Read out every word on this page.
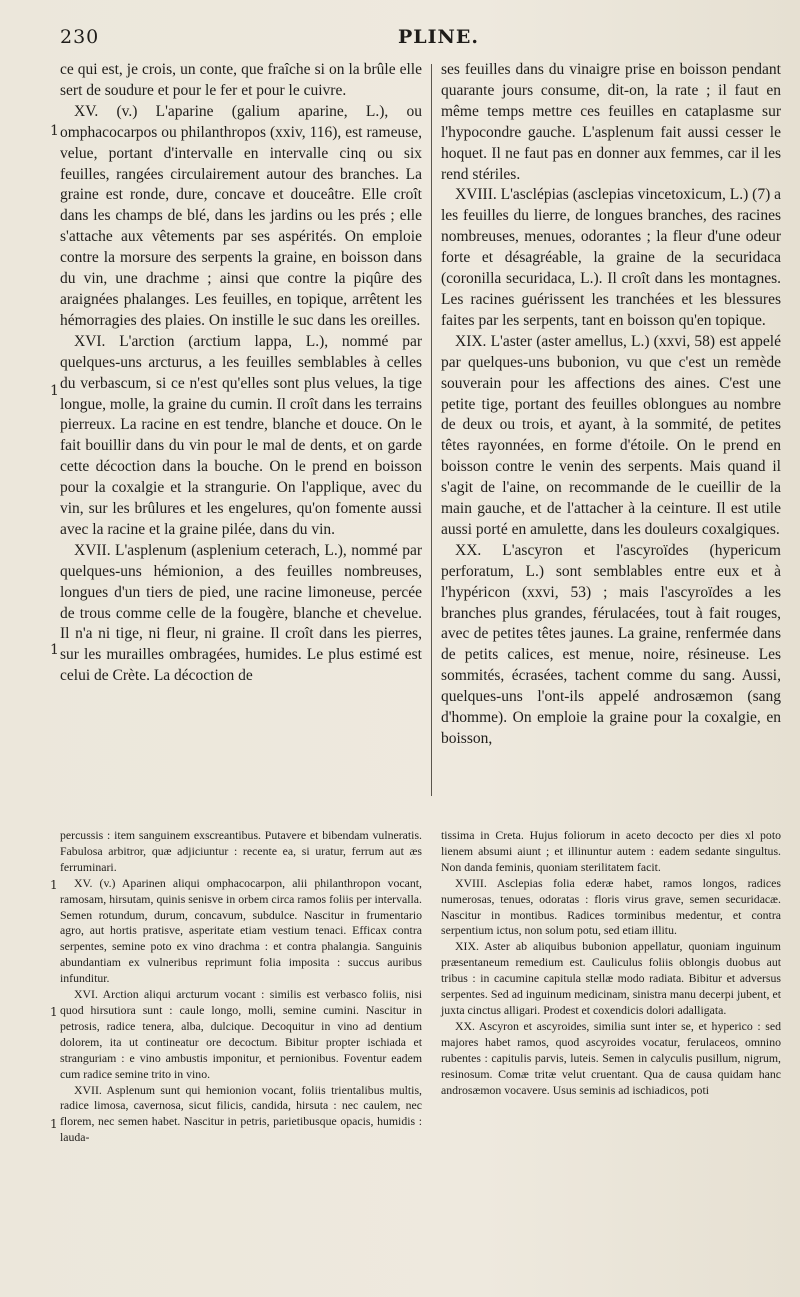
230	PLINE.

ce qui est, je crois, un conte, que fraîche si on la brûle elle sert de soudure et pour le fer et pour le cuivre.

XV. (v.) L'aparine (galium aparine, L.), ou omphacocarpos ou philanthropos (xxiv, 116), est rameuse, velue, portant d'intervalle en intervalle cinq ou six feuilles, rangées circulairement autour des branches. La graine est ronde, dure, concave et douceâtre. Elle croît dans les champs de blé, dans les jardins ou les prés ; elle s'attache aux vêtements par ses aspérités. On emploie contre la morsure des serpents la graine, en boisson dans du vin, une drachme ; ainsi que contre la piqûre des araignées phalanges. Les feuilles, en topique, arrêtent les hémorragies des plaies. On instille le suc dans les oreilles.

XVI. L'arction (arctium lappa, L.), nommé par quelques-uns arcturus, a les feuilles semblables à celles du verbascum, si ce n'est qu'elles sont plus velues, la tige longue, molle, la graine du cumin. Il croît dans les terrains pierreux. La racine en est tendre, blanche et douce. On le fait bouillir dans du vin pour le mal de dents, et on garde cette décoction dans la bouche. On le prend en boisson pour la coxalgie et la strangurie. On l'applique, avec du vin, sur les brûlures et les engelures, qu'on fomente aussi avec la racine et la graine pilée, dans du vin.

XVII. L'asplenum (asplenium ceterach, L.), nommé par quelques-uns hémionion, a des feuilles nombreuses, longues d'un tiers de pied, une racine limoneuse, percée de trous comme celle de la fougère, blanche et chevelue. Il n'a ni tige, ni fleur, ni graine. Il croît dans les pierres, sur les murailles ombragées, humides. Le plus estimé est celui de Crète. La décoction de

ses feuilles dans du vinaigre prise en boisson pendant quarante jours consume, dit-on, la rate ; il faut en même temps mettre ces feuilles en cataplasme sur l'hypocondre gauche. L'asplenum fait aussi cesser le hoquet. Il ne faut pas en donner aux femmes, car il les rend stériles.

XVIII. L'asclépias (asclepias vincetoxicum, L.) (7) a les feuilles du lierre, de longues branches, des racines nombreuses, menues, odorantes ; la fleur d'une odeur forte et désagréable, la graine de la securidaca (coronilla securidaca, L.). Il croît dans les montagnes. Les racines guérissent les tranchées et les blessures faites par les serpents, tant en boisson qu'en topique.

XIX. L'aster (aster amellus, L.) (xxvi, 58) est appelé par quelques-uns bubonion, vu que c'est un remède souverain pour les affections des aines. C'est une petite tige, portant des feuilles oblongues au nombre de deux ou trois, et ayant, à la sommité, de petites têtes rayonnées, en forme d'étoile. On le prend en boisson contre le venin des serpents. Mais quand il s'agit de l'aine, on recommande de le cueillir de la main gauche, et de l'attacher à la ceinture. Il est utile aussi porté en amulette, dans les douleurs coxalgiques.

XX. L'ascyron et l'ascyroïdes (hypericum perforatum, L.) sont semblables entre eux et à l'hypéricon (xxvi, 53) ; mais l'ascyroïdes a les branches plus grandes, férulacées, tout à fait rouges, avec de petites têtes jaunes. La graine, renfermée dans de petits calices, est menue, noire, résineuse. Les sommités, écrasées, tachent comme du sang. Aussi, quelques-uns l'ont-ils appelé androsæmon (sang d'homme). On emploie la graine pour la coxalgie, en boisson,

percussis : item sanguinem exscreantibus. Putavere et bibendam vulneratis. Fabulosa arbitror, quæ adjiciuntur : recente ea, si uratur, ferrum aut æs ferruminari.

XV. (v.) Aparinen aliqui omphacocarpon, alii philanthropon vocant, ramosam, hirsutam, quinis senisve in orbem circa ramos foliis per intervalla. Semen rotundum, durum, concavum, subdulce. Nascitur in frumentario agro, aut hortis pratisve, asperitate etiam vestium tenaci. Efficax contra serpentes, semine poto ex vino drachma : et contra phalangia. Sanguinis abundantiam ex vulneribus reprimunt folia imposita : succus auribus infunditur.

XVI. Arction aliqui arcturum vocant : similis est verbasco foliis, nisi quod hirsutiora sunt : caule longo, molli, semine cumini. Nascitur in petrosis, radice tenera, alba, dulcique. Decoquitur in vino ad dentium dolorem, ita ut contineatur ore decoctum. Bibitur propter ischiada et stranguriam : e vino ambustis imponitur, et pernionibus. Foventur eadem cum radice semine trito in vino.

XVII. Asplenum sunt qui hemionion vocant, foliis trientalibus multis, radice limosa, cavernosa, sicut filicis, candida, hirsuta : nec caulem, nec florem, nec semen habet. Nascitur in petris, parietibusque opacis, humidis : lauda-

tissima in Creta. Hujus foliorum in aceto decocto per dies xl poto lienem absumi aiunt ; et illinuntur autem : eadem sedante singultus. Non danda feminis, quoniam sterilitatem facit.

XVIII. Asclepias folia ederæ habet, ramos longos, radices numerosas, tenues, odoratas : floris virus grave, semen securidacæ. Nascitur in montibus. Radices torminibus medentur, et contra serpentium ictus, non solum potu, sed etiam illitu.

XIX. Aster ab aliquibus bubonion appellatur, quoniam inguinum præsentaneum remedium est. Cauliculus foliis oblongis duobus aut tribus : in cacumine capitula stellæ modo radiata. Bibitur et adversus serpentes. Sed ad inguinum medicinam, sinistra manu decerpi jubent, et juxta cinctus alligari. Prodest et coxendicis dolori adalligata.

XX. Ascyron et ascyroides, similia sunt inter se, et hyperico : sed majores habet ramos, quod ascyroides vocatur, ferulaceos, omnino rubentes : capitulis parvis, luteis. Semen in calyculis pusillum, nigrum, resinosum. Comæ tritæ velut cruentant. Qua de causa quidam hanc androsæmon vocavere. Usus seminis ad ischiadicos, poti

1
1
1
1
1
1
